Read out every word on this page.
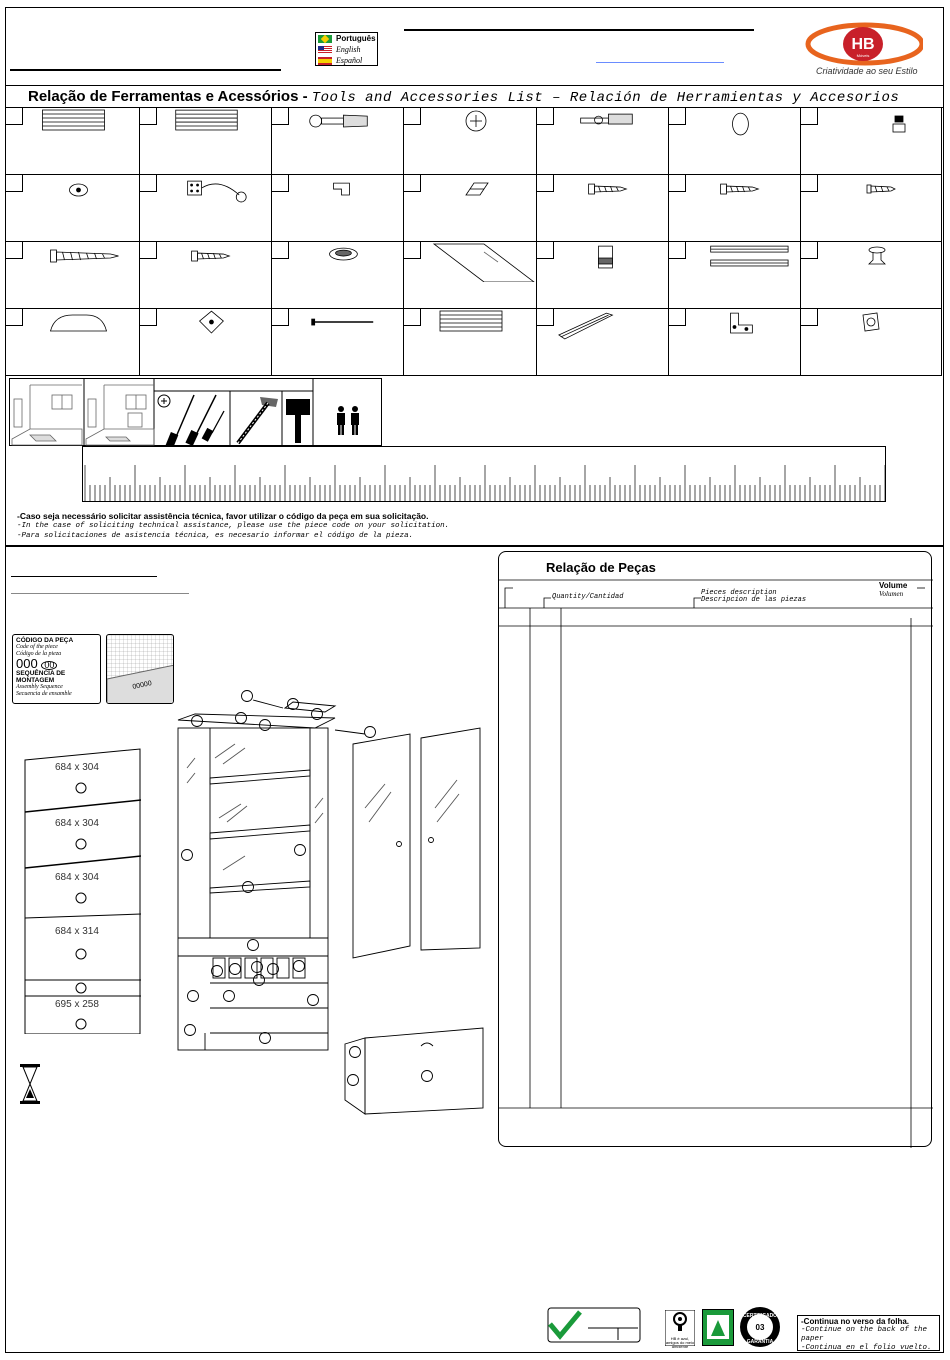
Português
English
Español
HB
Móveis
Criatividade ao seu Estilo
Relação de Ferramentas e Acessórios - Tools and Accessories List – Relación de Herramientas y Accesorios
-Caso seja necessário solicitar assistência técnica, favor utilizar o código da peça em sua solicitação.
-In the case of soliciting technical assistance, please use the piece code on your solicitation.
-Para solicitaciones de asistencia técnica, es necesario informar el código de la pieza.
CÓDIGO DA PEÇA
Code of the piece
Código de la pieza
000 00
SEQUÊNCIA DE MONTAGEM
Assembly Sequence
Secuencia de ensamble
00000
684 x 304
684 x 304
684 x 304
684 x 314
695 x 258
Relação de Peças
Volume
Volumen
Quantity/Cantidad	Pieces description
Descripcion de las piezas
HB é azul, amigos do meio ambiente
CERTIFICADO
03
GARANTIA
-Continua no verso da folha.
-Continue on the back of the paper
-Continua en el folio vuelto.
